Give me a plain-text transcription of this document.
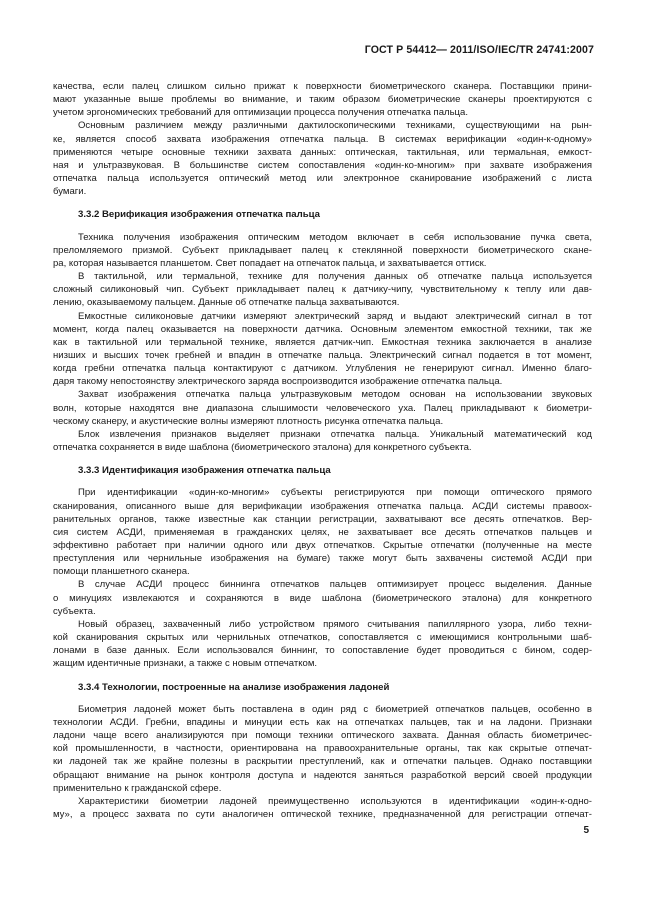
ГОСТ Р 54412— 2011/ISO/IEC/TR 24741:2007

качества, если палец слишком сильно прижат к поверхности биометрического сканера. Поставщики прини-

мают указанные выше проблемы во внимание, и таким образом биометрические сканеры проектируются с

учетом эргономических требований для оптимизации процесса получения отпечатка пальца.

Основным различием между различными дактилоскопическими техниками, существующими на рын-

ке, является способ захвата изображения отпечатка пальца. В системах верификации «один-к-одному»

применяются четыре основные техники захвата данных: оптическая, тактильная, или термальная, емкост-

ная и ультразвуковая. В большинстве систем сопоставления «один-ко-многим» при захвате изображения

отпечатка пальца используется оптический метод или электронное сканирование изображений с листа

бумаги.

3.3.2 Верификация изображения отпечатка пальца

Техника получения изображения оптическим методом включает в себя использование пучка света,

преломляемого призмой. Субъект прикладывает палец к стеклянной поверхности биометрического скане-

ра, которая называется планшетом. Свет попадает на отпечаток пальца, и захватывается оттиск.

В тактильной, или термальной, технике для получения данных об отпечатке пальца используется

сложный силиконовый чип. Субъект прикладывает палец к датчику-чипу, чувствительному к теплу или дав-

лению, оказываемому пальцем. Данные об отпечатке пальца захватываются.

Емкостные силиконовые датчики измеряют электрический заряд и выдают электрический сигнал в тот

момент, когда палец оказывается на поверхности датчика. Основным элементом емкостной техники, так же

как в тактильной или термальной технике, является датчик-чип. Емкостная техника заключается в анализе

низших и высших точек гребней и впадин в отпечатке пальца. Электрический сигнал подается в тот момент,

когда гребни отпечатка пальца контактируют с датчиком. Углубления не генерируют сигнал. Именно благо-

даря такому непостоянству электрического заряда воспроизводится изображение отпечатка пальца.

Захват изображения отпечатка пальца ультразвуковым методом основан на использовании звуковых

волн, которые находятся вне диапазона слышимости человеческого уха. Палец прикладывают к биометри-

ческому сканеру, и акустические волны измеряют плотность рисунка отпечатка пальца.

Блок извлечения признаков выделяет признаки отпечатка пальца. Уникальный математический код

отпечатка сохраняется в виде шаблона (биометрического эталона) для конкретного субъекта.

3.3.3 Идентификация изображения отпечатка пальца

При идентификации «один-ко-многим» субъекты регистрируются при помощи оптического прямого

сканирования, описанного выше для верификации изображения отпечатка пальца. АСДИ системы правоох-

ранительных органов, также известные как станции регистрации, захватывают все десять отпечатков. Вер-

сия систем АСДИ, применяемая в гражданских целях, не захватывает все десять отпечатков пальцев и

эффективно работает при наличии одного или двух отпечатков. Скрытые отпечатки (полученные на месте

преступления или чернильные изображения на бумаге) также могут быть захвачены системой АСДИ при

помощи планшетного сканера.

В случае АСДИ процесс биннинга отпечатков пальцев оптимизирует процесс выделения. Данные

о минуциях извлекаются и сохраняются в виде шаблона (биометрического эталона) для конкретного

субъекта.

Новый образец, захваченный либо устройством прямого считывания папиллярного узора, либо техни-

кой сканирования скрытых или чернильных отпечатков, сопоставляется с имеющимися контрольными шаб-

лонами в базе данных. Если использовался биннинг, то сопоставление будет проводиться с бином, содер-

жащим идентичные признаки, а также с новым отпечатком.

3.3.4 Технологии, построенные на анализе изображения ладоней

Биометрия ладоней может быть поставлена в один ряд с биометрией отпечатков пальцев, особенно в

технологии АСДИ. Гребни, впадины и минуции есть как на отпечатках пальцев, так и на ладони. Признаки

ладони чаще всего анализируются при помощи техники оптического захвата. Данная область биометричес-

кой промышленности, в частности, ориентирована на правоохранительные органы, так как скрытые отпечат-

ки ладоней так же крайне полезны в раскрытии преступлений, как и отпечатки пальцев. Однако поставщики

обращают внимание на рынок контроля доступа и надеются заняться разработкой версий своей продукции

применительно к гражданской сфере.

Характеристики биометрии ладоней преимущественно используются в идентификации «один-к-одно-

му», а процесс захвата по сути аналогичен оптической технике, предназначенной для регистрации отпечат-

5
